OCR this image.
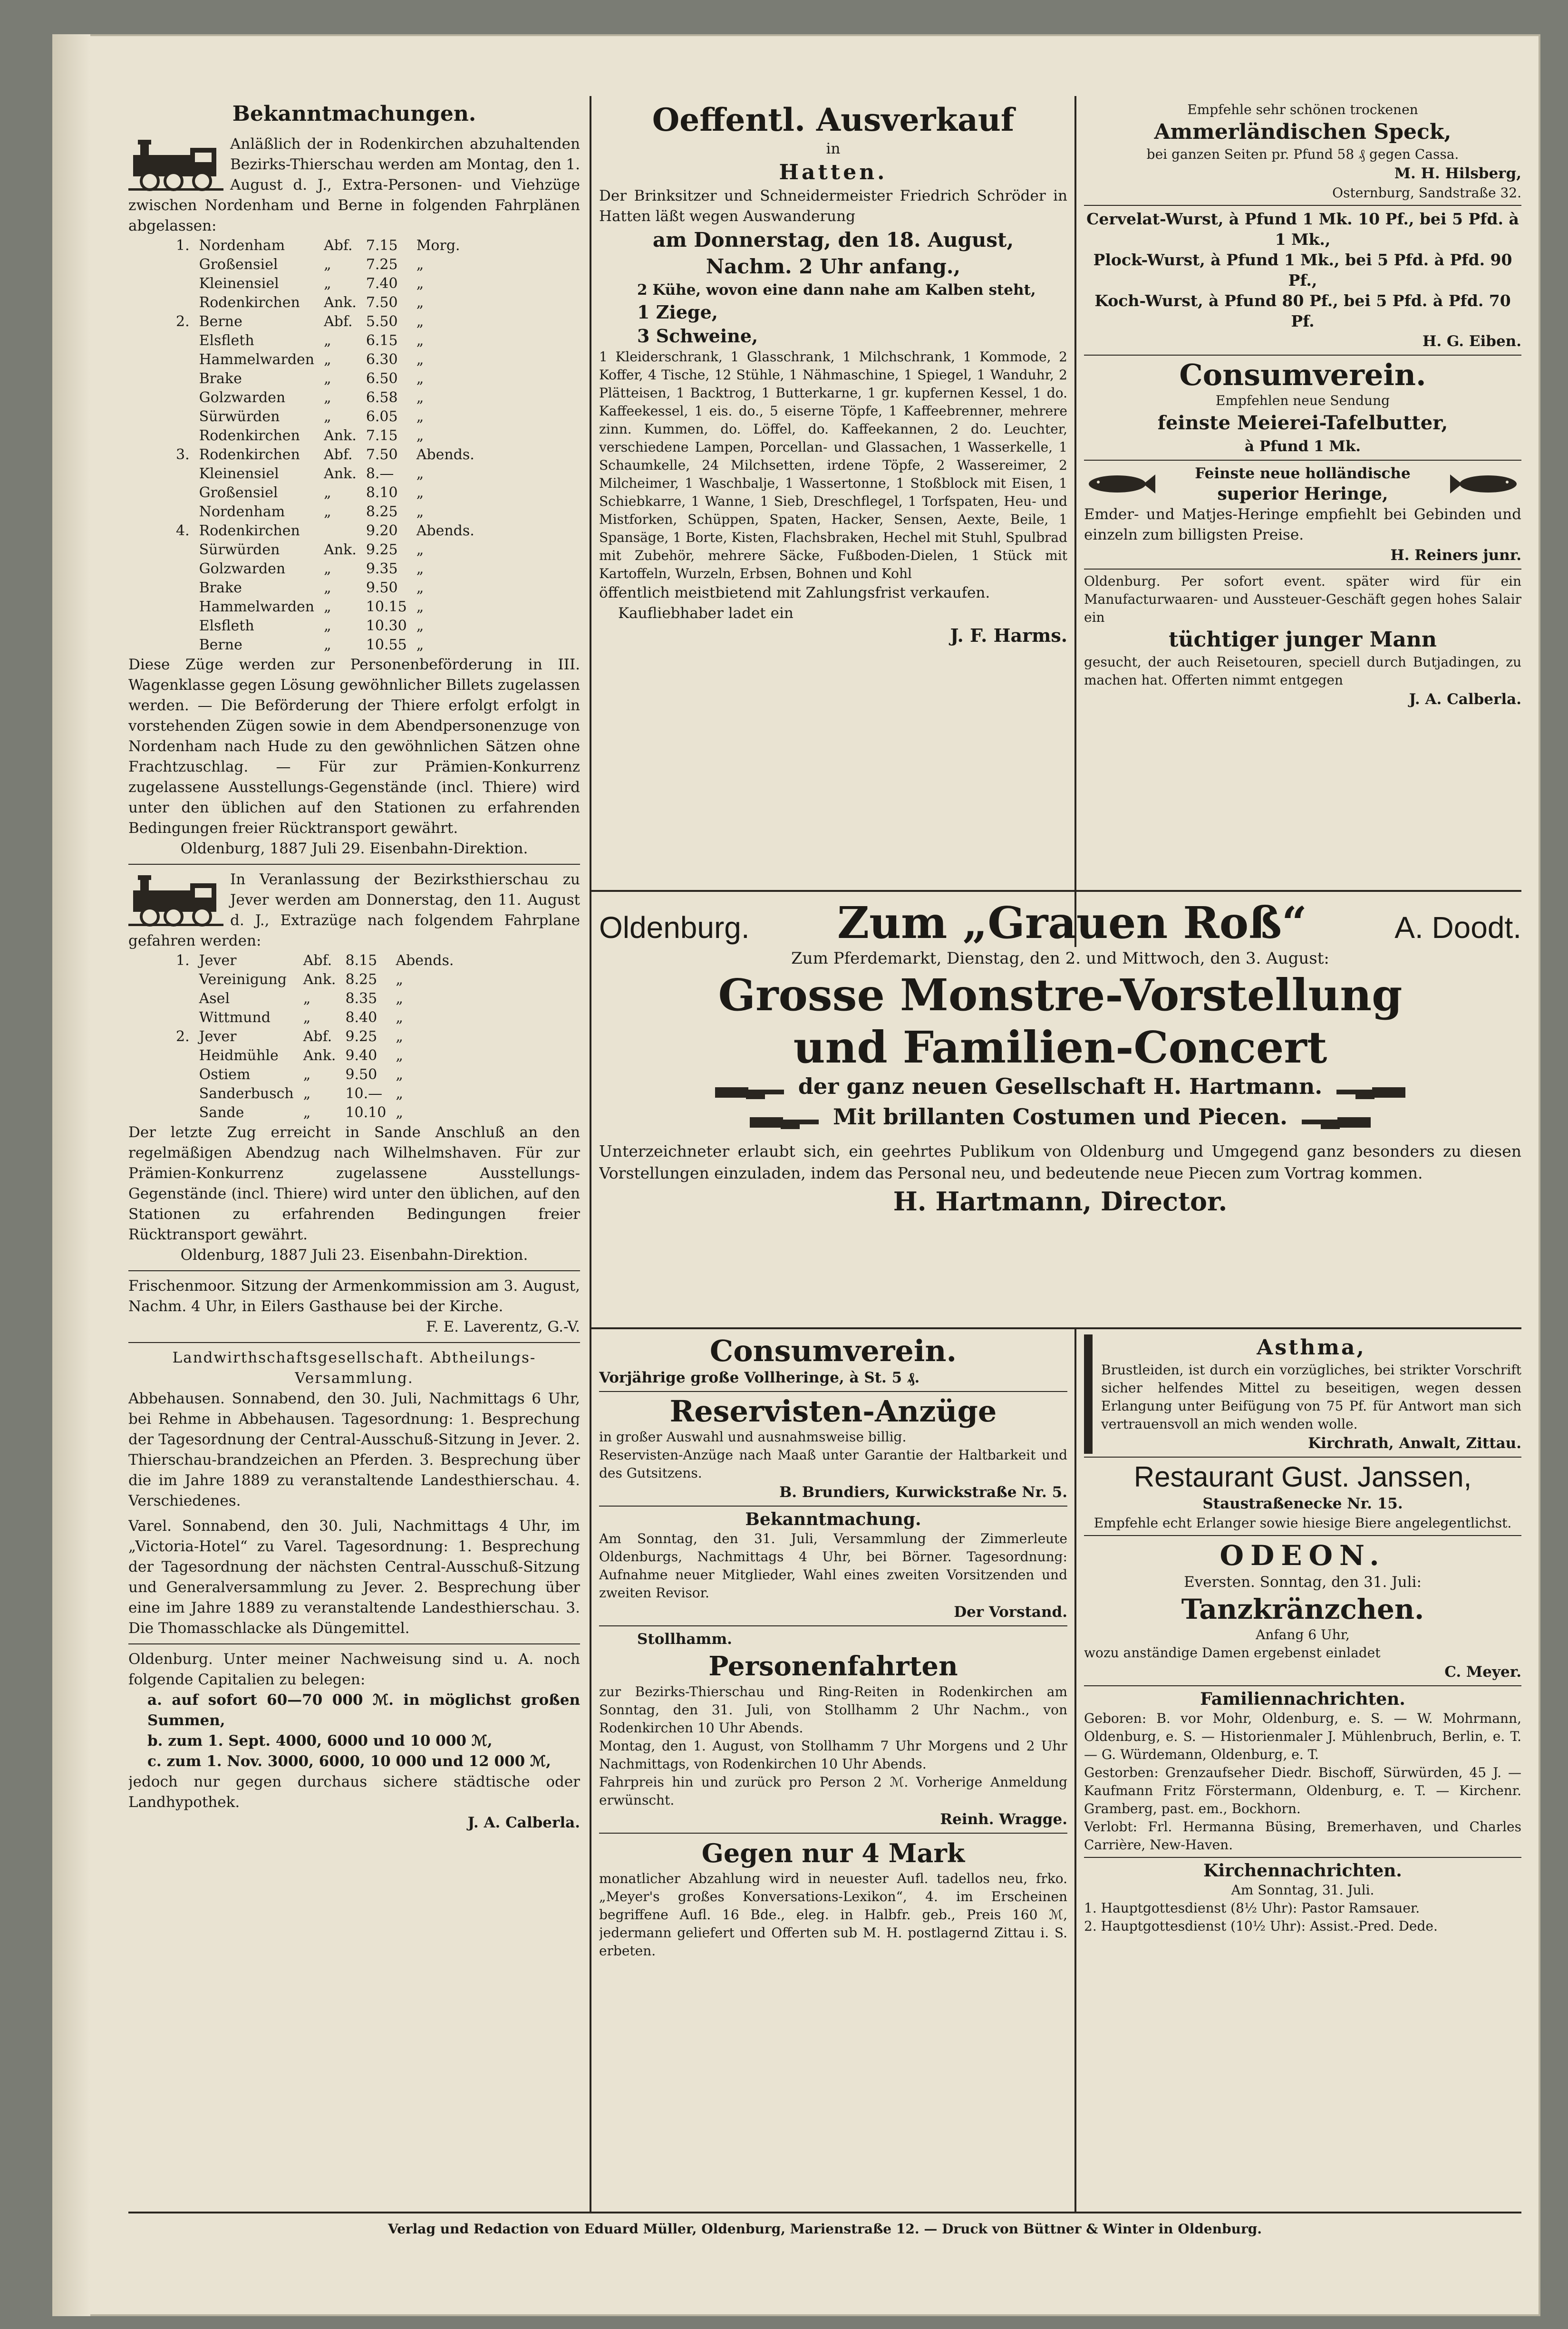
Bekanntmachungen.

Anläßlich der in Rodenkirchen abzuhaltenden Bezirks-Thierschau werden am Montag, den 1. August d. J., Extra-Personen- und Viehzüge zwischen Nordenham und Berne in folgenden Fahrplänen abgelassen:

1.	Nordenham	Abf.	7.15	Morg.
	Großensiel	„	7.25	„
	Kleinensiel	„	7.40	„
	Rodenkirchen	Ank.	7.50	„
2.	Berne	Abf.	5.50	„
	Elsfleth	„	6.15	„
	Hammelwarden	„	6.30	„
	Brake	„	6.50	„
	Golzwarden	„	6.58	„
	Sürwürden	„	6.05	„
	Rodenkirchen	Ank.	7.15	„
3.	Rodenkirchen	Abf.	7.50	Abends.
	Kleinensiel	Ank.	8.—	„
	Großensiel	„	8.10	„
	Nordenham	„	8.25	„
4.	Rodenkirchen		9.20	Abends.
	Sürwürden	Ank.	9.25	„
	Golzwarden	„	9.35	„
	Brake	„	9.50	„
	Hammelwarden	„	10.15	„
	Elsfleth	„	10.30	„
	Berne	„	10.55	„

Diese Züge werden zur Personenbeförderung in III. Wagenklasse gegen Lösung gewöhnlicher Billets zugelassen werden. — Die Beförderung der Thiere erfolgt erfolgt in vorstehenden Zügen sowie in dem Abendpersonenzuge von Nordenham nach Hude zu den gewöhnlichen Sätzen ohne Frachtzuschlag. — Für zur Prämien-Konkurrenz zugelassene Ausstellungs-Gegenstände (incl. Thiere) wird unter den üblichen auf den Stationen zu erfahrenden Bedingungen freier Rücktransport gewährt.

Oldenburg, 1887 Juli 29. Eisenbahn-Direktion.

In Veranlassung der Bezirksthierschau zu Jever werden am Donnerstag, den 11. August d. J., Extrazüge nach folgendem Fahrplane gefahren werden:

1.	Jever	Abf.	8.15	Abends.
	Vereinigung	Ank.	8.25	„
	Asel	„	8.35	„
	Wittmund	„	8.40	„
2.	Jever	Abf.	9.25	„
	Heidmühle	Ank.	9.40	„
	Ostiem	„	9.50	„
	Sanderbusch	„	10.—	„
	Sande	„	10.10	„

Der letzte Zug erreicht in Sande Anschluß an den regelmäßigen Abendzug nach Wilhelmshaven. Für zur Prämien-Konkurrenz zugelassene Ausstellungs-Gegenstände (incl. Thiere) wird unter den üblichen, auf den Stationen zu erfahrenden Bedingungen freier Rücktransport gewährt.

Oldenburg, 1887 Juli 23. Eisenbahn-Direktion.

Frischenmoor. Sitzung der Armenkommission am 3. August, Nachm. 4 Uhr, in Eilers Gasthause bei der Kirche.

F. E. Laverentz, G.-V.

Landwirthschaftsgesellschaft. Abtheilungs-Versammlung.

Abbehausen. Sonnabend, den 30. Juli, Nachmittags 6 Uhr, bei Rehme in Abbehausen. Tagesordnung: 1. Besprechung der Tagesordnung der Central-Ausschuß-Sitzung in Jever. 2. Thierschau-brandzeichen an Pferden. 3. Besprechung über die im Jahre 1889 zu veranstaltende Landesthierschau. 4. Verschiedenes.

Varel. Sonnabend, den 30. Juli, Nachmittags 4 Uhr, im „Victoria-Hotel“ zu Varel. Tagesordnung: 1. Besprechung der Tagesordnung der nächsten Central-Ausschuß-Sitzung und Generalversammlung zu Jever. 2. Besprechung über eine im Jahre 1889 zu veranstaltende Landesthierschau. 3. Die Thomasschlacke als Düngemittel.

Oldenburg. Unter meiner Nachweisung sind u. A. noch folgende Capitalien zu belegen:

a. auf sofort 60—70 000 ℳ. in möglichst großen Summen,

b. zum 1. Sept. 4000, 6000 und 10 000 ℳ,

c. zum 1. Nov. 3000, 6000, 10 000 und 12 000 ℳ,

jedoch nur gegen durchaus sichere städtische oder Landhypothek.

J. A. Calberla.

Oeffentl. Ausverkauf

in

Hatten.

Der Brinksitzer und Schneidermeister Friedrich Schröder in Hatten läßt wegen Auswanderung

am Donnerstag, den 18. August,

Nachm. 2 Uhr anfang.,

2 Kühe, wovon eine dann nahe am Kalben steht,

1 Ziege,

3 Schweine,

1 Kleiderschrank, 1 Glasschrank, 1 Milchschrank, 1 Kommode, 2 Koffer, 4 Tische, 12 Stühle, 1 Nähmaschine, 1 Spiegel, 1 Wanduhr, 2 Plätteisen, 1 Backtrog, 1 Butterkarne, 1 gr. kupfernen Kessel, 1 do. Kaffeekessel, 1 eis. do., 5 eiserne Töpfe, 1 Kaffeebrenner, mehrere zinn. Kummen, do. Löffel, do. Kaffeekannen, 2 do. Leuchter, verschiedene Lampen, Porcellan- und Glassachen, 1 Wasserkelle, 1 Schaumkelle, 24 Milchsetten, irdene Töpfe, 2 Wassereimer, 2 Milcheimer, 1 Waschbalje, 1 Wassertonne, 1 Stoßblock mit Eisen, 1 Schiebkarre, 1 Wanne, 1 Sieb, Dreschflegel, 1 Torfspaten, Heu- und Mistforken, Schüppen, Spaten, Hacker, Sensen, Aexte, Beile, 1 Spansäge, 1 Borte, Kisten, Flachsbraken, Hechel mit Stuhl, Spulbrad mit Zubehör, mehrere Säcke, Fußboden-Dielen, 1 Stück mit Kartoffeln, Wurzeln, Erbsen, Bohnen und Kohl

öffentlich meistbietend mit Zahlungsfrist verkaufen.

Kaufliebhaber ladet ein

J. F. Harms.

Empfehle sehr schönen trockenen

Ammerländischen Speck,

bei ganzen Seiten pr. Pfund 58 ₰ gegen Cassa.

M. H. Hilsberg,

Osternburg, Sandstraße 32.

Cervelat-Wurst, à Pfund 1 Mk. 10 Pf., bei 5 Pfd. à 1 Mk.,

Plock-Wurst, à Pfund 1 Mk., bei 5 Pfd. à Pfd. 90 Pf.,

Koch-Wurst, à Pfund 80 Pf., bei 5 Pfd. à Pfd. 70 Pf.

H. G. Eiben.

Consumverein.

Empfehlen neue Sendung

feinste Meierei-Tafelbutter,

à Pfund 1 Mk.

Feinste neue holländische

superior Heringe,

Emder- und Matjes-Heringe empfiehlt bei Gebinden und einzeln zum billigsten Preise.

H. Reiners junr.

Oldenburg. Per sofort event. später wird für ein Manufacturwaaren- und Aussteuer-Geschäft gegen hohes Salair ein

tüchtiger junger Mann

gesucht, der auch Reisetouren, speciell durch Butjadingen, zu machen hat. Offerten nimmt entgegen

J. A. Calberla.

Oldenburg. Zum „Grauen Roß“	A. Doodt.

Zum Pferdemarkt, Dienstag, den 2. und Mittwoch, den 3. August:

Grosse Monstre-Vorstellung

und Familien-Concert

der ganz neuen Gesellschaft H. Hartmann.
Mit brillanten Costumen und Piecen.

Unterzeichneter erlaubt sich, ein geehrtes Publikum von Oldenburg und Umgegend ganz besonders zu diesen Vorstellungen einzuladen, indem das Personal neu, und bedeutende neue Piecen zum Vortrag kommen.

H. Hartmann, Director.

Consumverein.

Vorjährige große Vollheringe, à St. 5 ₰.

Reservisten-Anzüge

in großer Auswahl und ausnahmsweise billig.

Reservisten-Anzüge nach Maaß unter Garantie der Haltbarkeit und des Gutsitzens.

B. Brundiers, Kurwickstraße Nr. 5.

Bekanntmachung.

Am Sonntag, den 31. Juli, Versammlung der Zimmerleute Oldenburgs, Nachmittags 4 Uhr, bei Börner. Tagesordnung: Aufnahme neuer Mitglieder, Wahl eines zweiten Vorsitzenden und zweiten Revisor.

Der Vorstand.

Stollhamm.

Personenfahrten

zur Bezirks-Thierschau und Ring-Reiten in Rodenkirchen am Sonntag, den 31. Juli, von Stollhamm 2 Uhr Nachm., von Rodenkirchen 10 Uhr Abends.

Montag, den 1. August, von Stollhamm 7 Uhr Morgens und 2 Uhr Nachmittags, von Rodenkirchen 10 Uhr Abends.

Fahrpreis hin und zurück pro Person 2 ℳ. Vorherige Anmeldung erwünscht.

Reinh. Wragge.

Gegen nur 4 Mark

monatlicher Abzahlung wird in neuester Aufl. tadellos neu, frko. „Meyer's großes Konversations-Lexikon“, 4. im Erscheinen begriffene Aufl. 16 Bde., eleg. in Halbfr. geb., Preis 160 ℳ, jedermann geliefert und Offerten sub M. H. postlagernd Zittau i. S. erbeten.

Asthma,

Brustleiden, ist durch ein vorzügliches, bei strikter Vorschrift sicher helfendes Mittel zu beseitigen, wegen dessen Erlangung unter Beifügung von 75 Pf. für Antwort man sich vertrauensvoll an mich wenden wolle.

Kirchrath, Anwalt, Zittau.

Restaurant Gust. Janssen,

Staustraßenecke Nr. 15.

Empfehle echt Erlanger sowie hiesige Biere angelegentlichst.

ODEON.

Eversten. Sonntag, den 31. Juli:

Tanzkränzchen.

Anfang 6 Uhr,

wozu anständige Damen ergebenst einladet

C. Meyer.

Familiennachrichten.

Geboren: B. vor Mohr, Oldenburg, e. S. — W. Mohrmann, Oldenburg, e. S. — Historienmaler J. Mühlenbruch, Berlin, e. T. — G. Würdemann, Oldenburg, e. T.

Gestorben: Grenzaufseher Diedr. Bischoff, Sürwürden, 45 J. — Kaufmann Fritz Förstermann, Oldenburg, e. T. — Kirchenr. Gramberg, past. em., Bockhorn.

Verlobt: Frl. Hermanna Büsing, Bremerhaven, und Charles Carrière, New-Haven.

Kirchennachrichten.

Am Sonntag, 31. Juli.

1. Hauptgottesdienst (8½ Uhr): Pastor Ramsauer.

2. Hauptgottesdienst (10½ Uhr): Assist.-Pred. Dede.

Verlag und Redaction von Eduard Müller, Oldenburg, Marienstraße 12. — Druck von Büttner & Winter in Oldenburg.
